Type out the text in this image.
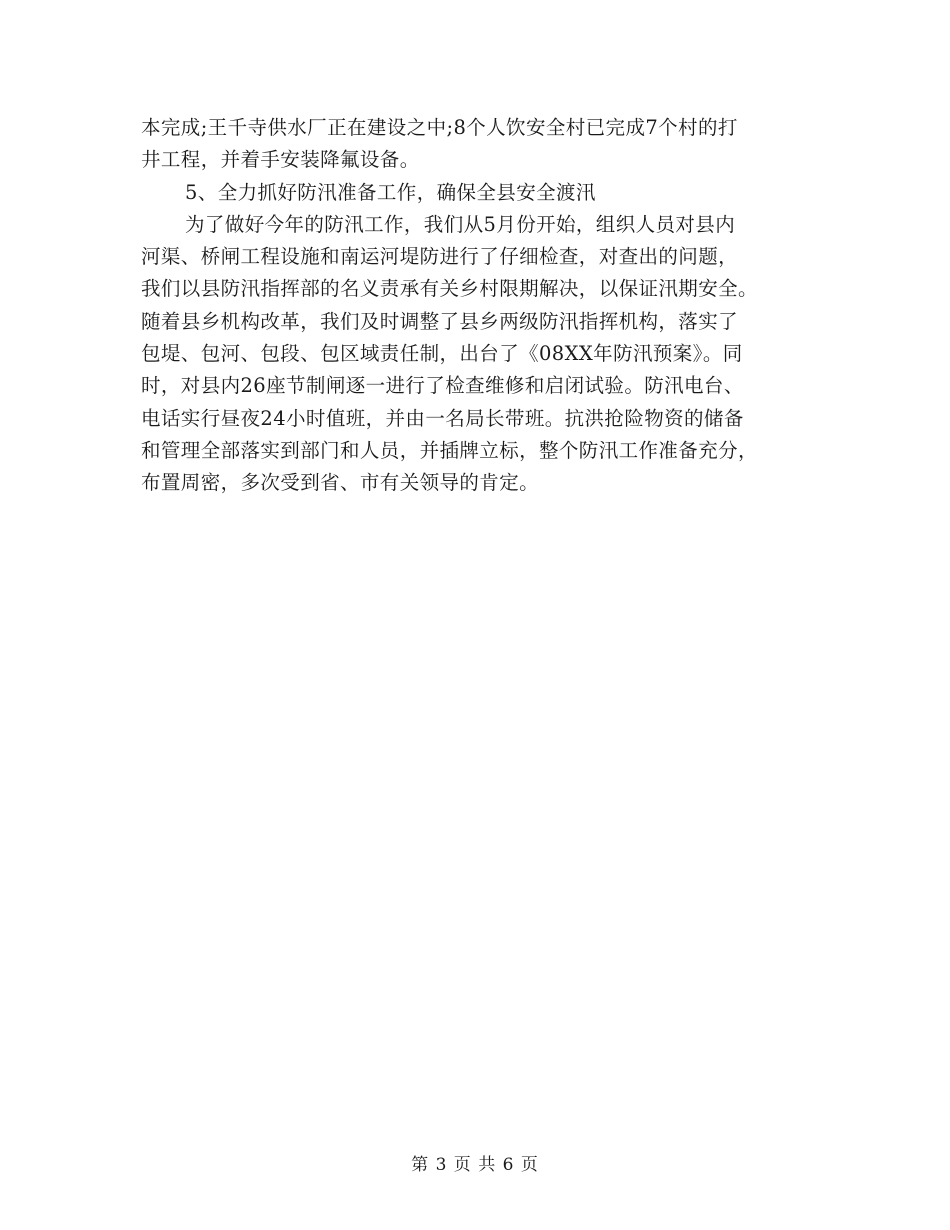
本完成;王千寺供水厂正在建设之中;8个人饮安全村已完成7个村的打
井工程，并着手安装降氟设备。
5、全力抓好防汛准备工作，确保全县安全渡汛
为了做好今年的防汛工作，我们从5月份开始，组织人员对县内
河渠、桥闸工程设施和南运河堤防进行了仔细检查，对查出的问题，
我们以县防汛指挥部的名义责承有关乡村限期解决，以保证汛期安全。
随着县乡机构改革，我们及时调整了县乡两级防汛指挥机构，落实了
包堤、包河、包段、包区域责任制，出台了《08XX年防汛预案》。同
时，对县内26座节制闸逐一进行了检查维修和启闭试验。防汛电台、
电话实行昼夜24小时值班，并由一名局长带班。抗洪抢险物资的储备
和管理全部落实到部门和人员，并插牌立标，整个防汛工作准备充分，
布置周密，多次受到省、市有关领导的肯定。
第 3 页 共 6 页
